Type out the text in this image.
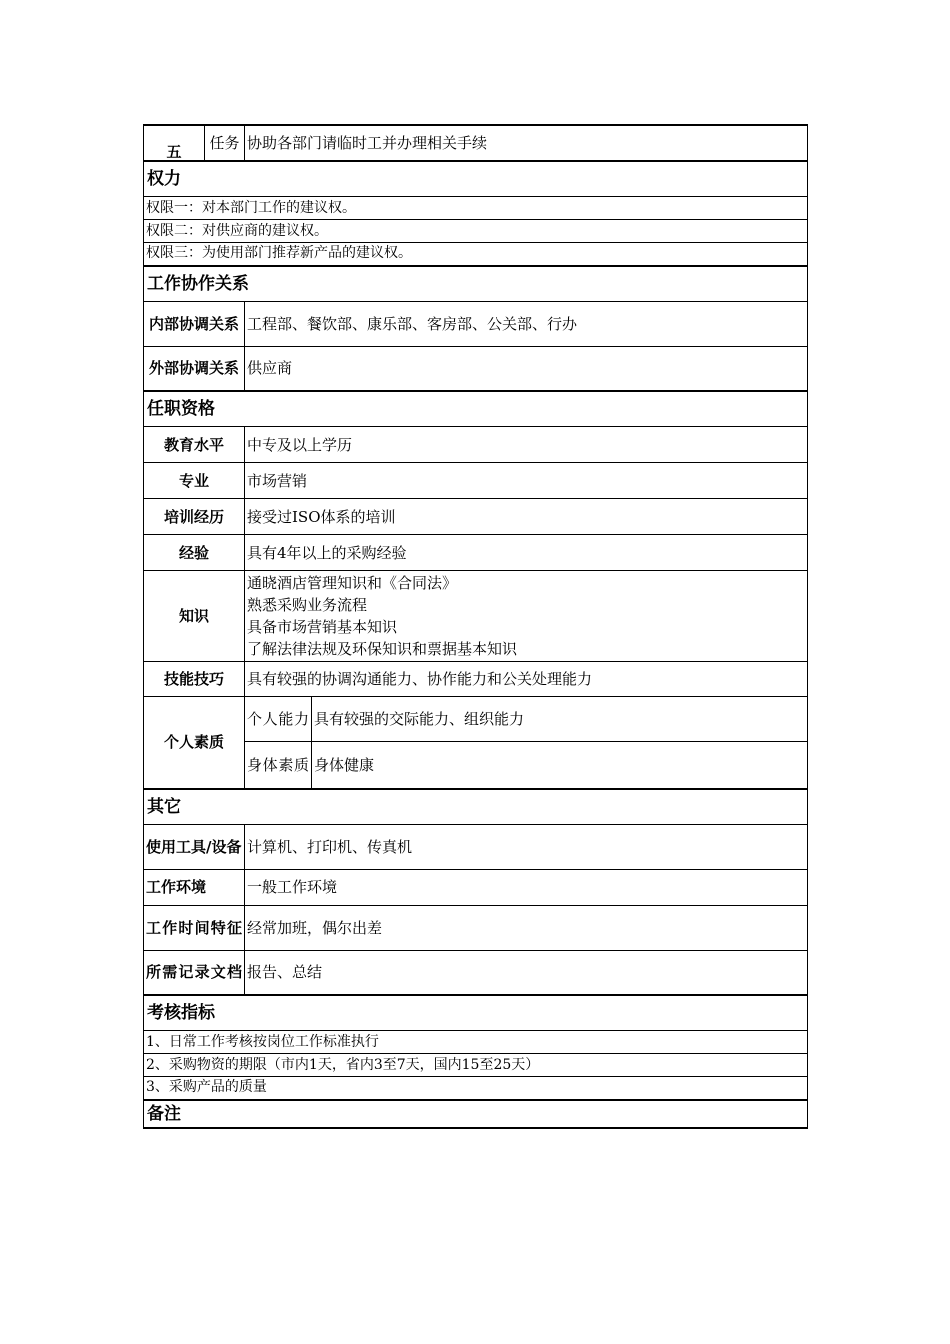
五	任务	协助各部门请临时工并办理相关手续	
权力			
权限一：对本部门工作的建议权。			
权限二：对供应商的建议权。			
权限三：为使用部门推荐新产品的建议权。			
工作协作关系			
内部协调关系		工程部、餐饮部、康乐部、客房部、公关部、行办	
外部协调关系		供应商	
任职资格			
教育水平		中专及以上学历	
专业		市场营销	
培训经历		接受过ISO体系的培训	
经验		具有4年以上的采购经验	
知识		通晓酒店管理知识和《合同法》
熟悉采购业务流程
具备市场营销基本知识
了解法律法规及环保知识和票据基本知识	

技能技巧		具有较强的协调沟通能力、协作能力和公关处理能力	
个人素质		个人能力	具有较强的交际能力、组织能力
		身体素质	身体健康
其它			
使用工具/设备		计算机、打印机、传真机	
工作环境		一般工作环境	
工作时间特征		经常加班，偶尔出差	
所需记录文档		报告、总结	
考核指标			
1、日常工作考核按岗位工作标准执行			
2、采购物资的期限（市内1天，省内3至7天，国内15至25天）			
3、采购产品的质量			
备注			
